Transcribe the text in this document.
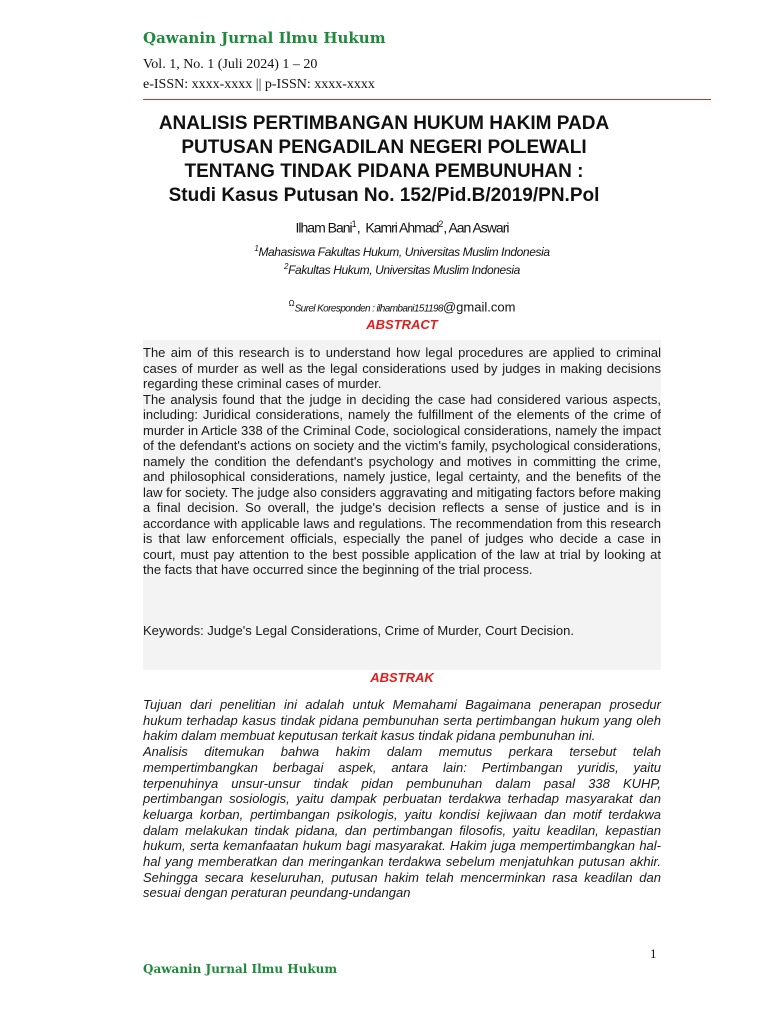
Qawanin Jurnal Ilmu Hukum
Vol. 1, No. 1 (Juli 2024) 1 – 20
e-ISSN: xxxx-xxxx || p-ISSN: xxxx-xxxx
ANALISIS PERTIMBANGAN HUKUM HAKIM PADA
PUTUSAN PENGADILAN NEGERI POLEWALI
TENTANG TINDAK PIDANA PEMBUNUHAN :
Studi Kasus Putusan No. 152/Pid.B/2019/PN.Pol
Ilham Bani$^1$,  Kamri Ahmad$^2$, Aan Aswari
$^1$Mahasiswa Fakultas Hukum, Universitas Muslim Indonesia
$^2$Fakultas Hukum, Universitas Muslim Indonesia
$^\Omega$Surel Koresponden : ilhambani151198@gmail.com
ABSTRACT

The aim of this research is to understand how legal procedures are applied to criminal cases of murder as well as the legal considerations used by judges in making decisions regarding these criminal cases of murder.

The analysis found that the judge in deciding the case had considered various aspects, including: Juridical considerations, namely the fulfillment of the elements of the crime of murder in Article 338 of the Criminal Code, sociological considerations, namely the impact of the defendant's actions on society and the victim's family, psychological considerations, namely the condition the defendant's psychology and motives in committing the crime, and philosophical considerations, namely justice, legal certainty, and the benefits of the law for society. The judge also considers aggravating and mitigating factors before making a final decision. So overall, the judge's decision reflects a sense of justice and is in accordance with applicable laws and regulations. The recommendation from this research is that law enforcement officials, especially the panel of judges who decide a case in court, must pay attention to the best possible application of the law at trial by looking at the facts that have occurred since the beginning of the trial process.

Keywords: Judge's Legal Considerations, Crime of Murder, Court Decision.
ABSTRAK

Tujuan dari penelitian ini adalah untuk Memahami Bagaimana penerapan prosedur hukum terhadap kasus tindak pidana pembunuhan serta pertimbangan hukum yang oleh hakim dalam membuat keputusan terkait kasus tindak pidana pembunuhan ini.

Analisis ditemukan bahwa hakim dalam memutus perkara tersebut telah mempertimbangkan berbagai aspek, antara lain: Pertimbangan yuridis, yaitu terpenuhinya unsur-unsur tindak pidan pembunuhan dalam pasal 338 KUHP, pertimbangan sosiologis, yaitu dampak perbuatan terdakwa terhadap masyarakat dan keluarga korban, pertimbangan psikologis, yaitu kondisi kejiwaan dan motif terdakwa dalam melakukan tindak pidana, dan pertimbangan filosofis, yaitu keadilan, kepastian hukum, serta kemanfaatan hukum bagi masyarakat. Hakim juga mempertimbangkan hal-hal yang memberatkan dan meringankan terdakwa sebelum menjatuhkan putusan akhir. Sehingga secara keseluruhan, putusan hakim telah mencerminkan rasa keadilan dan sesuai dengan peraturan peundang-undangan

1
Qawanin Jurnal Ilmu Hukum
